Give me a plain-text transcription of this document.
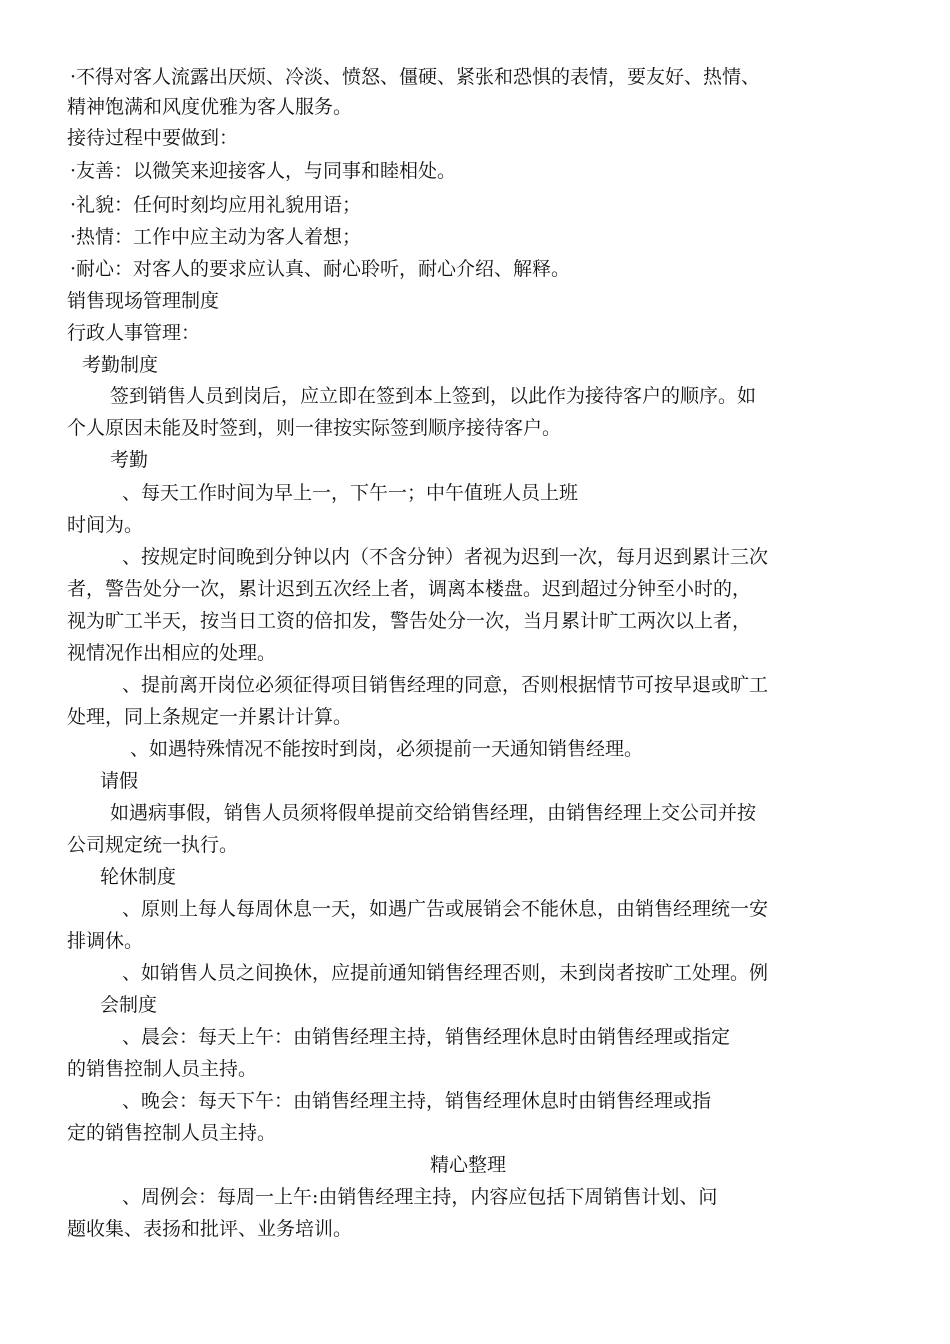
·不得对客人流露出厌烦、冷淡、愤怒、僵硬、紧张和恐惧的表情，要友好、热情、
精神饱满和风度优雅为客人服务。
接待过程中要做到：
·友善：以微笑来迎接客人，与同事和睦相处。
·礼貌：任何时刻均应用礼貌用语；
·热情：工作中应主动为客人着想；
·耐心：对客人的要求应认真、耐心聆听，耐心介绍、解释。
销售现场管理制度
行政人事管理：
考勤制度
签到销售人员到岗后，应立即在签到本上签到，以此作为接待客户的顺序。如
个人原因未能及时签到，则一律按实际签到顺序接待客户。
考勤
、每天工作时间为早上一，下午一；中午值班人员上班
时间为。
、按规定时间晚到分钟以内（不含分钟）者视为迟到一次，每月迟到累计三次
者，警告处分一次，累计迟到五次经上者，调离本楼盘。迟到超过分钟至小时的，
视为旷工半天，按当日工资的倍扣发，警告处分一次，当月累计旷工两次以上者，
视情况作出相应的处理。
、提前离开岗位必须征得项目销售经理的同意，否则根据情节可按早退或旷工
处理，同上条规定一并累计计算。
、如遇特殊情况不能按时到岗，必须提前一天通知销售经理。
请假
如遇病事假，销售人员须将假单提前交给销售经理，由销售经理上交公司并按
公司规定统一执行。
轮休制度
、原则上每人每周休息一天，如遇广告或展销会不能休息，由销售经理统一安
排调休。
、如销售人员之间换休，应提前通知销售经理否则，未到岗者按旷工处理。例
会制度
、晨会：每天上午：由销售经理主持，销售经理休息时由销售经理或指定
的销售控制人员主持。
、晚会：每天下午：由销售经理主持，销售经理休息时由销售经理或指
定的销售控制人员主持。
精心整理
、周例会：每周一上午:由销售经理主持，内容应包括下周销售计划、问
题收集、表扬和批评、业务培训。
